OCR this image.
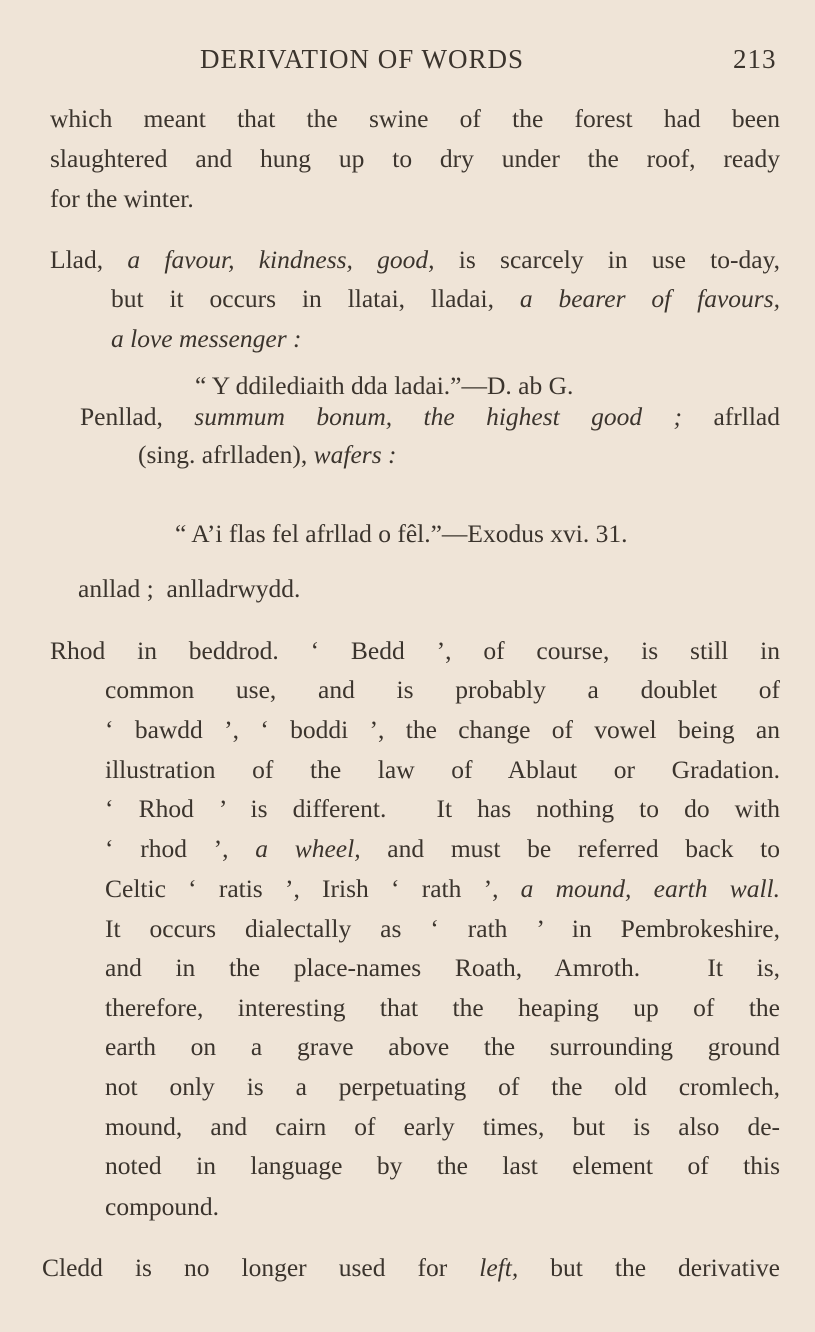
DERIVATION OF WORDS	213
which meant that the swine of the forest had been
slaughtered and hung up to dry under the roof, ready
for the winter.
Llad, a favour, kindness, good, is scarcely in use to-day,
but it occurs in llatai, lladai, a bearer of favours,
a love messenger :
“ Y ddilediaith dda ladai.”—D. ab G.
Penllad, summum bonum, the highest good ; afrllad
(sing. afrlladen), wafers :
“ A’i flas fel afrllad o fêl.”—Exodus xvi. 31.
anllad ;  anlladrwydd.
Rhod in beddrod. ‘ Bedd ’, of course, is still in
common use, and is probably a doublet of
‘ bawdd ’, ‘ boddi ’, the change of vowel being an
illustration of the law of Ablaut or Gradation.
‘ Rhod ’ is different.  It has nothing to do with
‘ rhod ’, a wheel, and must be referred back to
Celtic ‘ ratis ’, Irish ‘ rath ’, a mound, earth wall.
It occurs dialectally as ‘ rath ’ in Pembrokeshire,
and in the place-names Roath, Amroth.  It is,
therefore, interesting that the heaping up of the
earth on a grave above the surrounding ground
not only is a perpetuating of the old cromlech,
mound, and cairn of early times, but is also de-
noted in language by the last element of this
compound.
Cledd is no longer used for left, but the derivative
